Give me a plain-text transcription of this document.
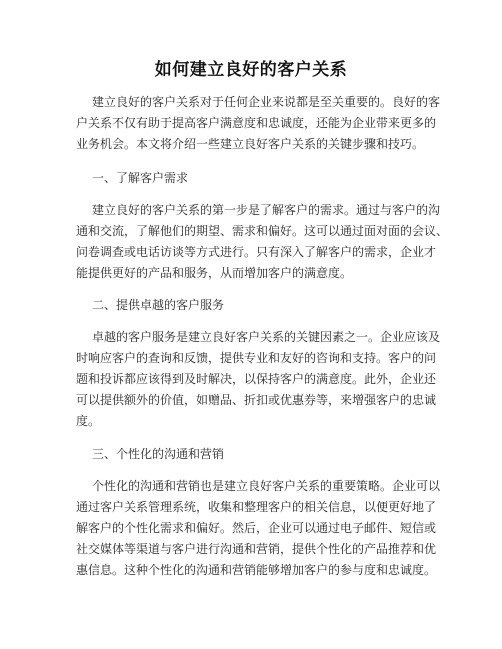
如何建立良好的客户关系
建立良好的客户关系对于任何企业来说都是至关重要的。良好的客
户关系不仅有助于提高客户满意度和忠诚度，还能为企业带来更多的
业务机会。本文将介绍一些建立良好客户关系的关键步骤和技巧。
一、了解客户需求
建立良好的客户关系的第一步是了解客户的需求。通过与客户的沟
通和交流，了解他们的期望、需求和偏好。这可以通过面对面的会议、
问卷调查或电话访谈等方式进行。只有深入了解客户的需求，企业才
能提供更好的产品和服务，从而增加客户的满意度。
二、提供卓越的客户服务
卓越的客户服务是建立良好客户关系的关键因素之一。企业应该及
时响应客户的查询和反馈，提供专业和友好的咨询和支持。客户的问
题和投诉都应该得到及时解决，以保持客户的满意度。此外，企业还
可以提供额外的价值，如赠品、折扣或优惠券等，来增强客户的忠诚
度。
三、个性化的沟通和营销
个性化的沟通和营销也是建立良好客户关系的重要策略。企业可以
通过客户关系管理系统，收集和整理客户的相关信息，以便更好地了
解客户的个性化需求和偏好。然后，企业可以通过电子邮件、短信或
社交媒体等渠道与客户进行沟通和营销，提供个性化的产品推荐和优
惠信息。这种个性化的沟通和营销能够增加客户的参与度和忠诚度。
